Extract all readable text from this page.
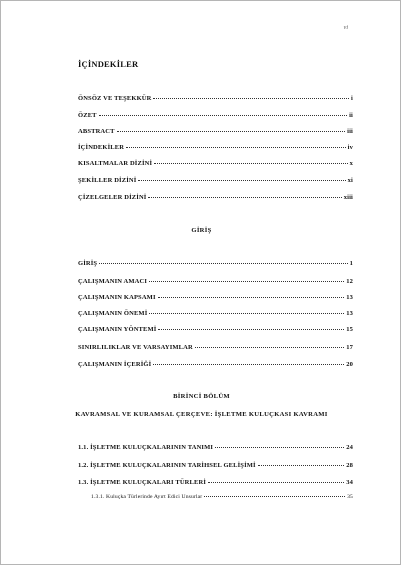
vi
İÇİNDEKİLER
ÖNSÖZ VE TEŞEKKÜR	i
ÖZET	ii
ABSTRACT	iii
İÇİNDEKİLER	iv
KISALTMALAR DİZİNİ	x
ŞEKİLLER DİZİNİ	xi
ÇİZELGELER DİZİNİ	xiii
GİRİŞ
GİRİŞ	1
ÇALIŞMANIN AMACI	12
ÇALIŞMANIN KAPSAMI	13
ÇALIŞMANIN ÖNEMİ	13
ÇALIŞMANIN YÖNTEMİ	15
SINIRLILIKLAR VE VARSAYIMLAR	17
ÇALIŞMANIN İÇERİĞİ	20
BİRİNCİ BÖLÜM
KAVRAMSAL VE KURAMSAL ÇERÇEVE: İŞLETME KULUÇKASI KAVRAMI
1.1. İŞLETME KULUÇKALARININ TANIMI	24
1.2. İŞLETME KULUÇKALARININ TARİHSEL GELİŞİMİ	28
1.3. İŞLETME KULUÇKALARI TÜRLERİ	34
1.3.1. Kuluçka Türlerinde Ayırt Edici Unsurlar	35
